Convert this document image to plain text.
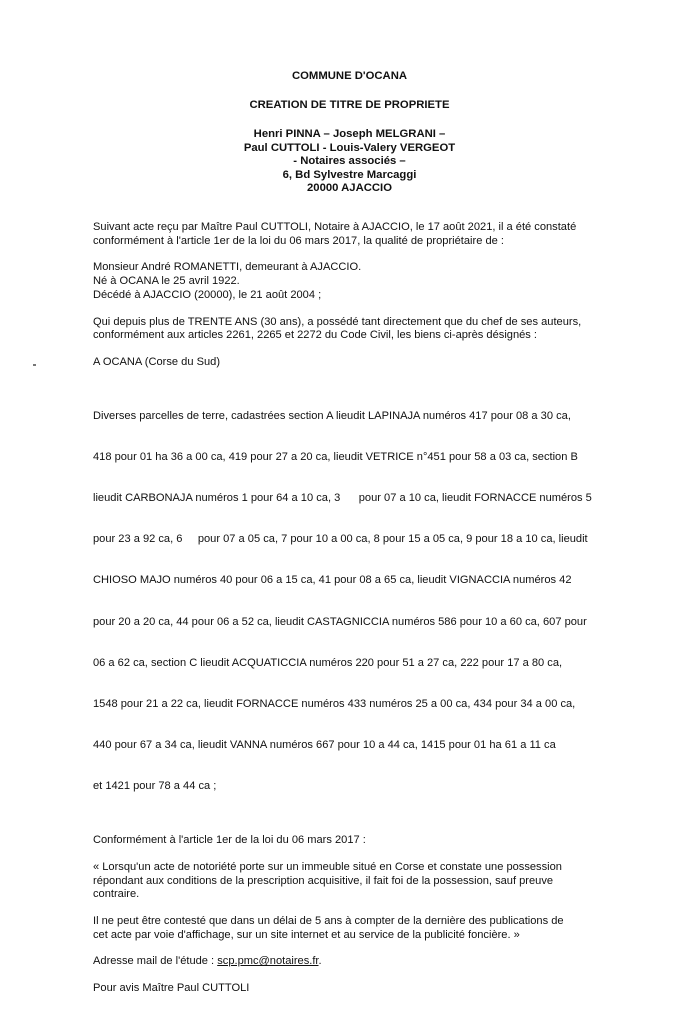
COMMUNE D'OCANA
CREATION DE TITRE DE PROPRIETE
Henri PINNA – Joseph MELGRANI –
Paul CUTTOLI - Louis-Valery VERGEOT
- Notaires associés –
6, Bd Sylvestre Marcaggi
20000 AJACCIO

Suivant acte reçu par Maître Paul CUTTOLI, Notaire à AJACCIO, le 17 août 2021, il a été constaté
conformément à l'article 1er de la loi du 06 mars 2017, la qualité de propriétaire de :

Monsieur André ROMANETTI, demeurant à AJACCIO.
Né à OCANA le 25 avril 1922.
Décédé à AJACCIO (20000), le 21 août 2004 ;

Qui depuis plus de TRENTE ANS (30 ans), a possédé tant directement que du chef de ses auteurs,
conformément aux articles 2261, 2265 et 2272 du Code Civil, les biens ci-après désignés :

A OCANA (Corse du Sud)

Diverses parcelles de terre, cadastrées section A lieudit LAPINAJA numéros 417 pour 08 a 30 ca,

418 pour 01 ha 36 a 00 ca, 419 pour 27 a 20 ca, lieudit VETRICE n°451 pour 58 a 03 ca, section B

lieudit CARBONAJA numéros 1 pour 64 a 10 ca, 3      pour 07 a 10 ca, lieudit FORNACCE numéros 5

pour 23 a 92 ca, 6     pour 07 a 05 ca, 7 pour 10 a 00 ca, 8 pour 15 a 05 ca, 9 pour 18 a 10 ca, lieudit

CHIOSO MAJO numéros 40 pour 06 a 15 ca, 41 pour 08 a 65 ca, lieudit VIGNACCIA numéros 42

pour 20 a 20 ca, 44 pour 06 a 52 ca, lieudit CASTAGNICCIA numéros 586 pour 10 a 60 ca, 607 pour

06 a 62 ca, section C lieudit ACQUATICCIA numéros 220 pour 51 a 27 ca, 222 pour 17 a 80 ca,

1548 pour 21 a 22 ca, lieudit FORNACCE numéros 433 numéros 25 a 00 ca, 434 pour 34 a 00 ca,

440 pour 67 a 34 ca, lieudit VANNA numéros 667 pour 10 a 44 ca, 1415 pour 01 ha 61 a 11 ca

et 1421 pour 78 a 44 ca ;

Conformément à l'article 1er de la loi du 06 mars 2017 :

« Lorsqu'un acte de notoriété porte sur un immeuble situé en Corse et constate une possession
répondant aux conditions de la prescription acquisitive, il fait foi de la possession, sauf preuve
contraire.

Il ne peut être contesté que dans un délai de 5 ans à compter de la dernière des publications de
cet acte par voie d'affichage, sur un site internet et au service de la publicité foncière. »

Adresse mail de l'étude : scp.pmc@notaires.fr.

Pour avis Maître Paul CUTTOLI
